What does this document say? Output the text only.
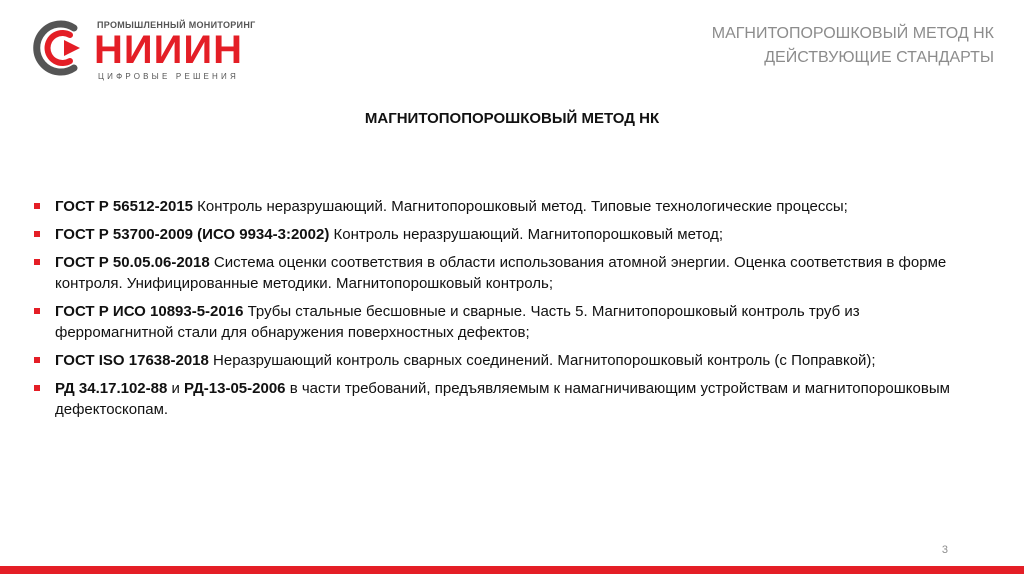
ПРОМЫШЛЕННЫЙ МОНИТОРИНГ
НИИИН
ЦИФРОВЫЕ РЕШЕНИЯ
МАГНИТОПОРОШКОВЫЙ МЕТОД НК
ДЕЙСТВУЮЩИЕ СТАНДАРТЫ
МАГНИТОПОПОРОШКОВЫЙ МЕТОД НК
ГОСТ Р 56512-2015 Контроль неразрушающий. Магнитопорошковый метод. Типовые технологические процессы;
ГОСТ Р 53700-2009 (ИСО 9934-3:2002) Контроль неразрушающий. Магнитопорошковый метод;
ГОСТ Р 50.05.06-2018 Система оценки соответствия в области использования атомной энергии. Оценка соответствия в форме контроля. Унифицированные методики. Магнитопорошковый контроль;
ГОСТ Р ИСО 10893-5-2016 Трубы стальные бесшовные и сварные. Часть 5. Магнитопорошковый контроль труб из ферромагнитной стали для обнаружения поверхностных дефектов;
ГОСТ ISO 17638-2018 Неразрушающий контроль сварных соединений. Магнитопорошковый контроль (с Поправкой);
РД 34.17.102-88 и РД-13-05-2006 в части требований, предъявляемым к намагничивающим устройствам и магнитопорошковым дефектоскопам.
3
